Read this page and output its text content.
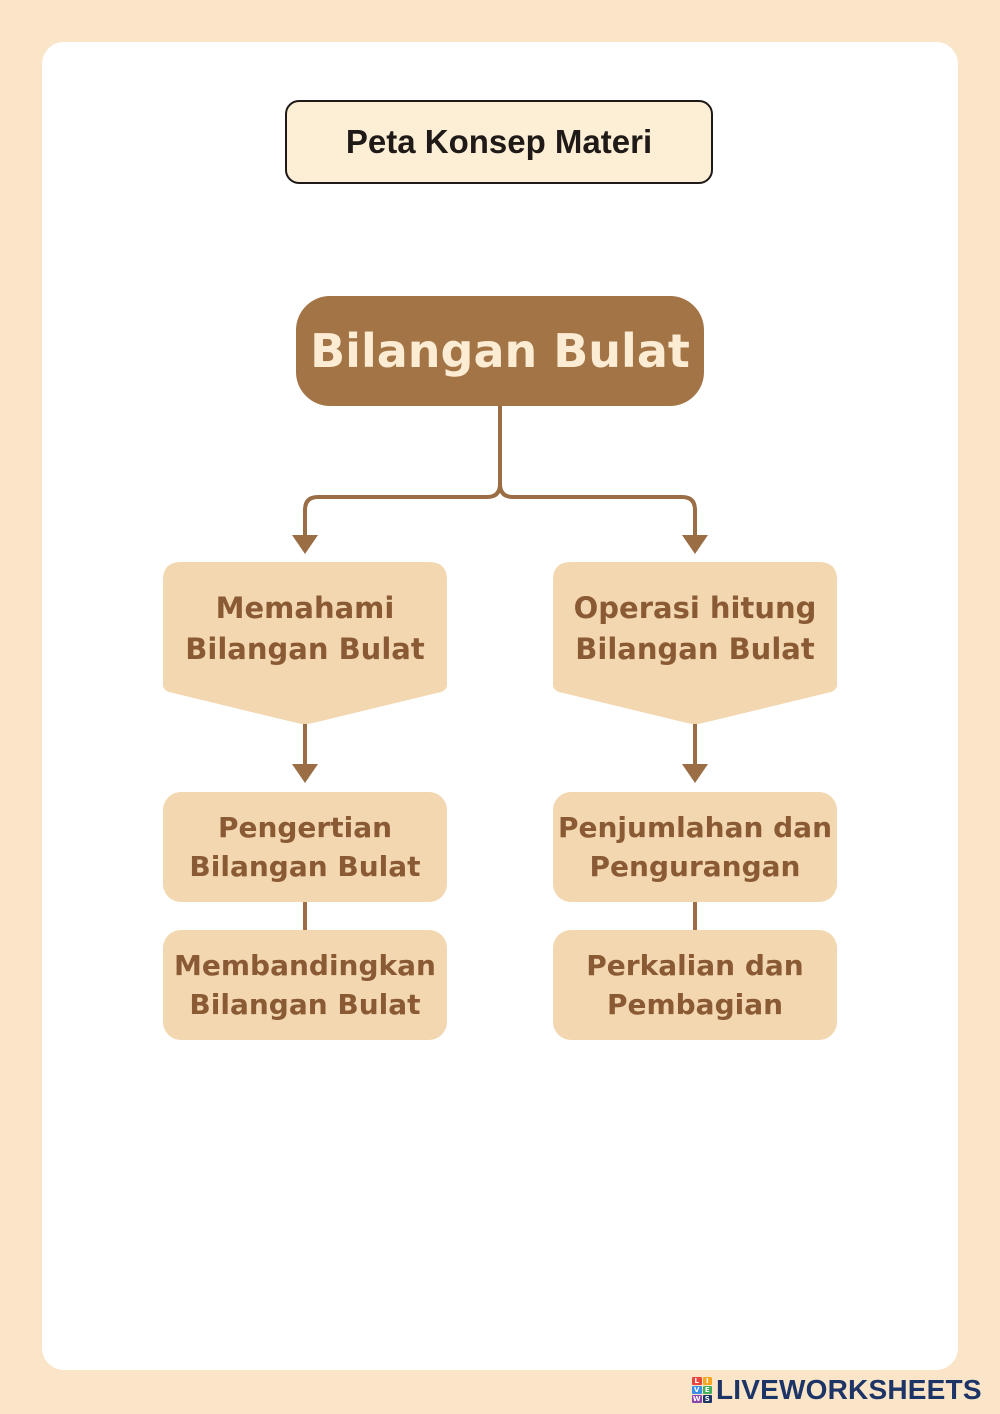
Peta Konsep Materi
Bilangan Bulat
Memahami
Bilangan Bulat
Operasi hitung
Bilangan Bulat
Pengertian
Bilangan Bulat
Membandingkan
Bilangan Bulat
Penjumlahan dan
Pengurangan
Perkalian dan
Pembagian
L I
V E
W S LIVEWORKSHEETS
